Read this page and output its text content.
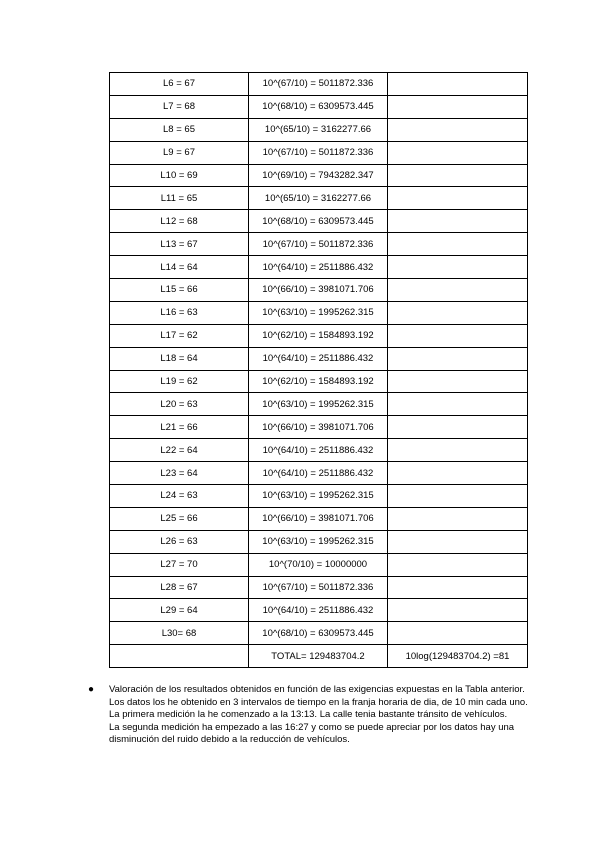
L6 = 67	10^(67/10) = 5011872.336	
L7 = 68	10^(68/10) = 6309573.445	
L8 = 65	10^(65/10) = 3162277.66	
L9 = 67	10^(67/10) = 5011872.336	
L10 = 69	10^(69/10) = 7943282.347	
L11 = 65	10^(65/10) = 3162277.66	
L12 = 68	10^(68/10) = 6309573.445	
L13 = 67	10^(67/10) = 5011872.336	
L14 = 64	10^(64/10) = 2511886.432	
L15 = 66	10^(66/10) = 3981071.706	
L16 = 63	10^(63/10) = 1995262.315	
L17 = 62	10^(62/10) = 1584893.192	
L18 = 64	10^(64/10) = 2511886.432	
L19 = 62	10^(62/10) = 1584893.192	
L20 = 63	10^(63/10) = 1995262.315	
L21 = 66	10^(66/10) = 3981071.706	
L22 = 64	10^(64/10) = 2511886.432	
L23 = 64	10^(64/10) = 2511886.432	
L24 = 63	10^(63/10) = 1995262.315	
L25 = 66	10^(66/10) = 3981071.706	
L26 = 63	10^(63/10) = 1995262.315	
L27 = 70	10^(70/10) = 10000000	
L28 = 67	10^(67/10) = 5011872.336	
L29 = 64	10^(64/10) = 2511886.432	
L30= 68	10^(68/10) = 6309573.445	
	TOTAL= 129483704.2	10log(129483704.2) =81
● Valoración de los resultados obtenidos en función de las exigencias expuestas en la Tabla anterior.

Los datos los he obtenido en 3 intervalos de tiempo en la franja horaria de dia, de 10 min cada uno. La primera medición la he comenzado a la 13:13. La calle tenia bastante tránsito de vehículos.

La segunda medición ha empezado a las 16:27 y como se puede apreciar por los datos hay una disminución del ruido debido a la reducción de vehículos.
